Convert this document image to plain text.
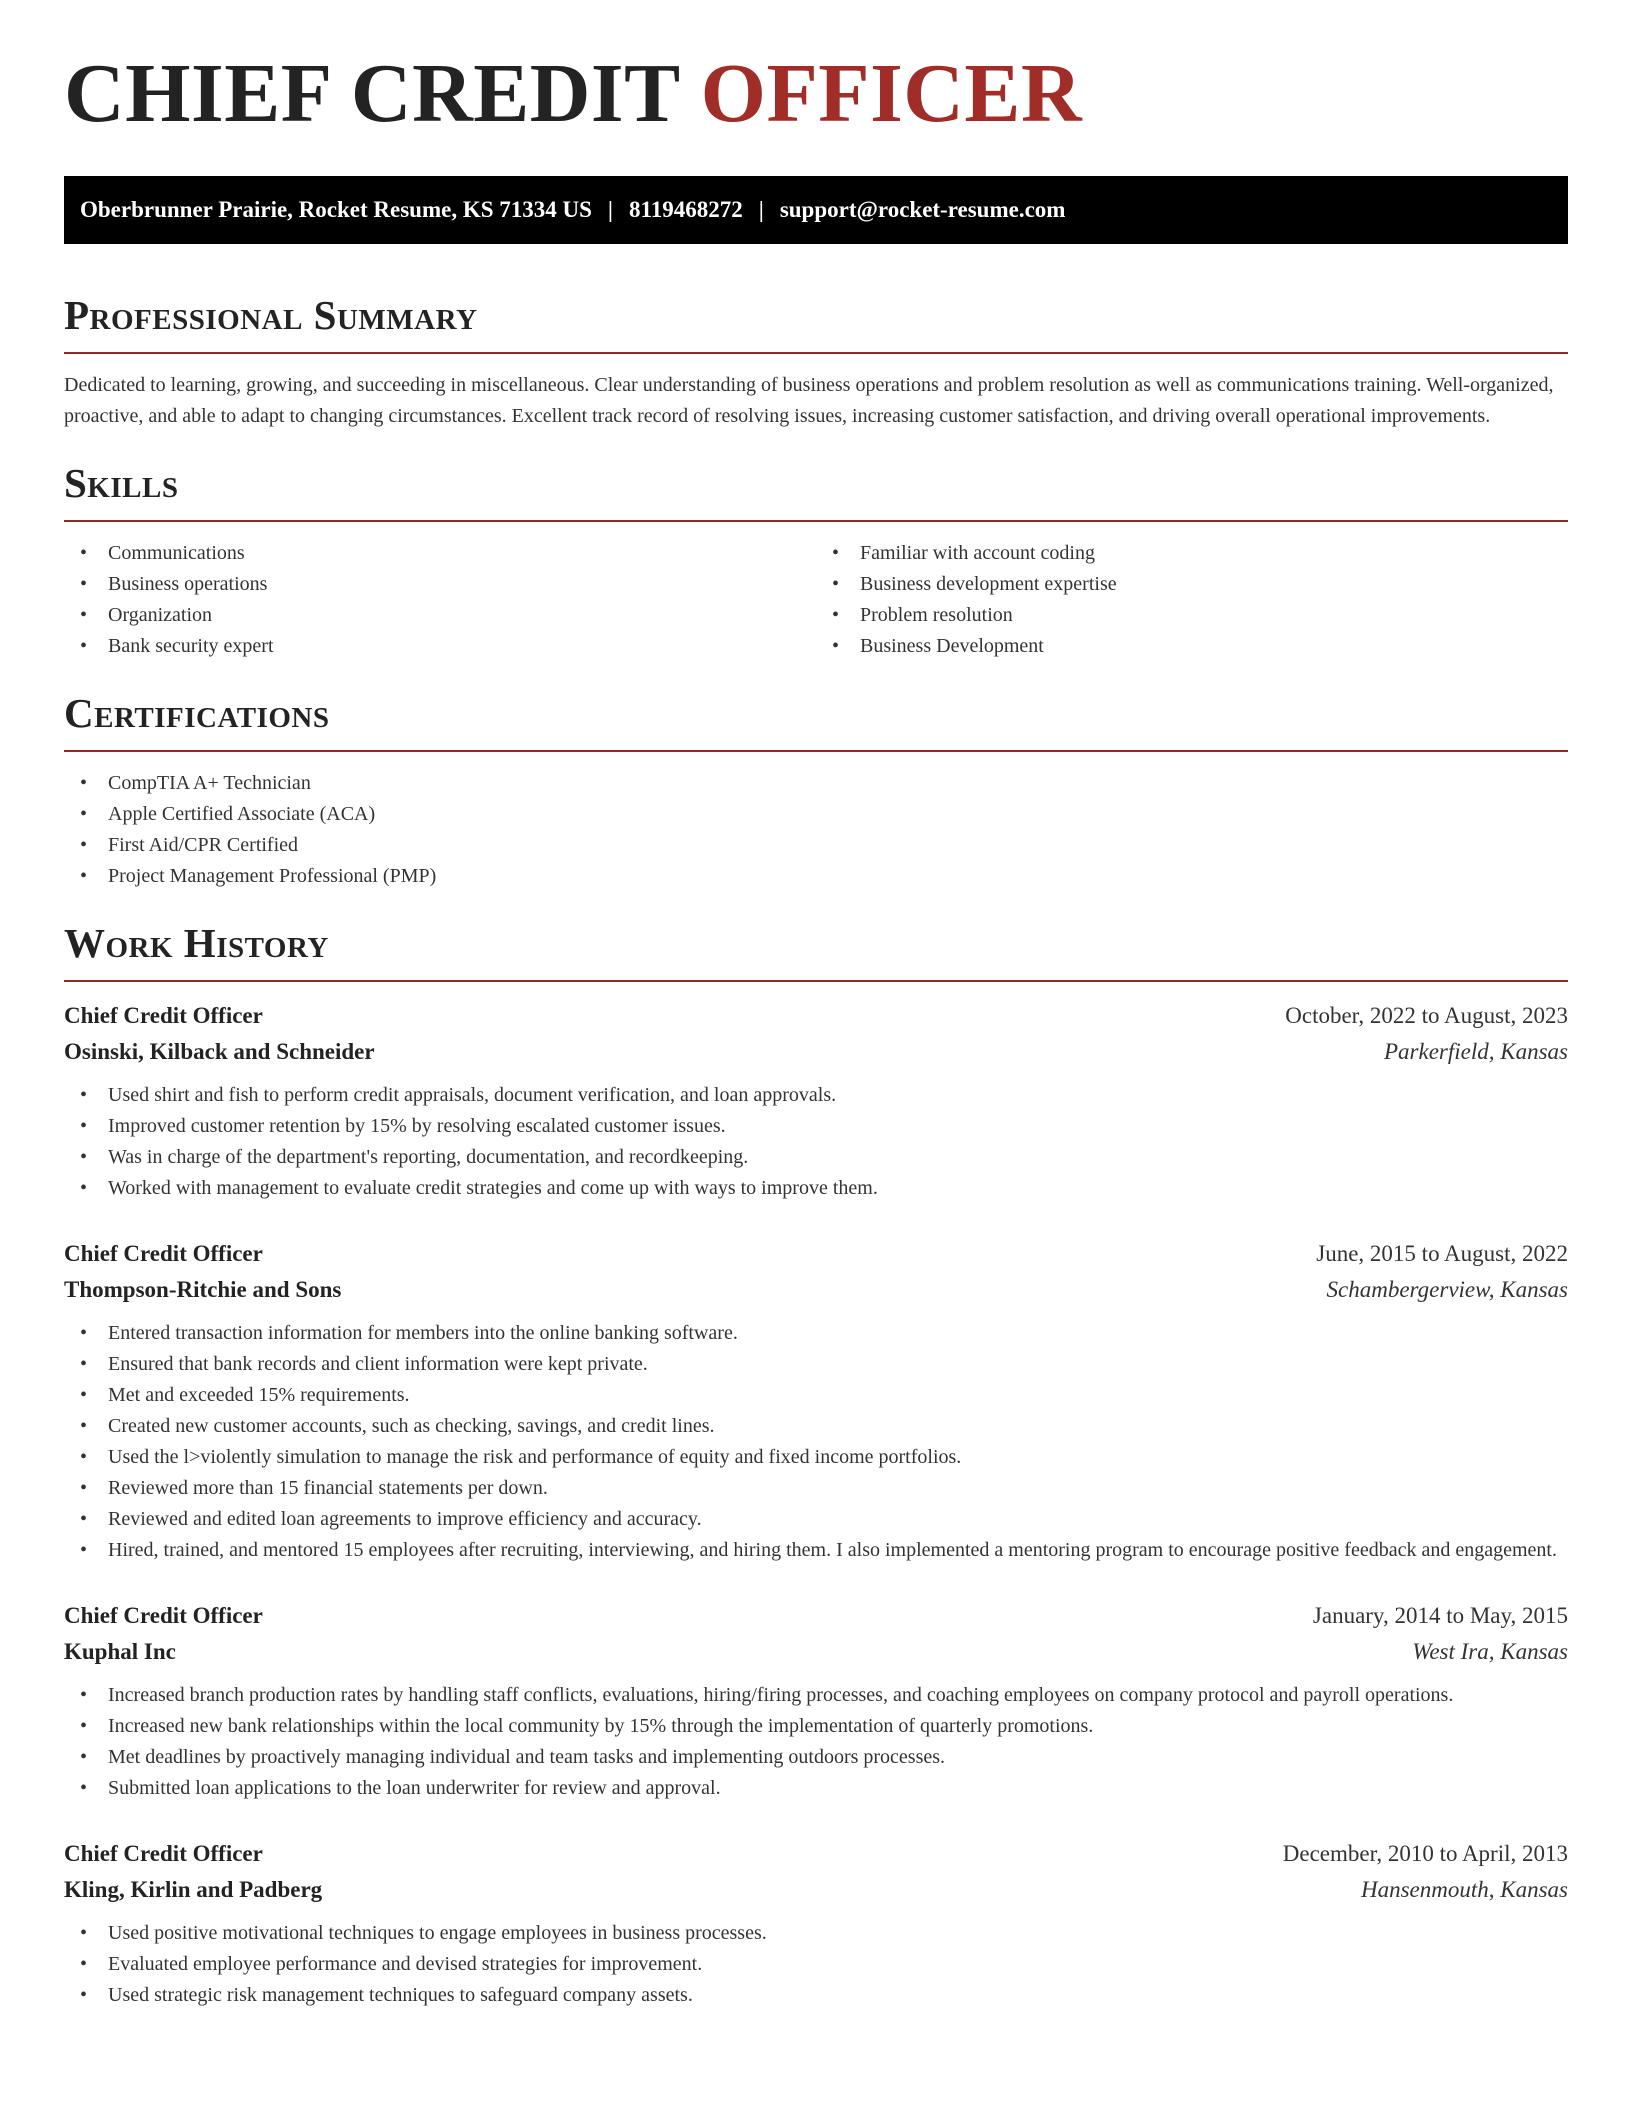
CHIEF CREDIT OFFICER
Oberbrunner Prairie, Rocket Resume, KS 71334 US | 8119468272 | support@rocket-resume.com
Professional Summary

Dedicated to learning, growing, and succeeding in miscellaneous. Clear understanding of business operations and problem resolution as well as communications training. Well-organized, proactive, and able to adapt to changing circumstances. Excellent track record of resolving issues, increasing customer satisfaction, and driving overall operational improvements.

Skills
• Communications
• Business operations
• Organization
• Bank security expert
• Familiar with account coding
• Business development expertise
• Problem resolution
• Business Development
Certifications
• CompTIA A+ Technician
• Apple Certified Associate (ACA)
• First Aid/CPR Certified
• Project Management Professional (PMP)
Work History
Chief Credit Officer	October, 2022 to August, 2023
Osinski, Kilback and Schneider	Parkerfield, Kansas
• Used shirt and fish to perform credit appraisals, document verification, and loan approvals.
• Improved customer retention by 15% by resolving escalated customer issues.
• Was in charge of the department's reporting, documentation, and recordkeeping.
• Worked with management to evaluate credit strategies and come up with ways to improve them.
Chief Credit Officer	June, 2015 to August, 2022
Thompson-Ritchie and Sons	Schambergerview, Kansas
• Entered transaction information for members into the online banking software.
• Ensured that bank records and client information were kept private.
• Met and exceeded 15% requirements.
• Created new customer accounts, such as checking, savings, and credit lines.
• Used the l>violently simulation to manage the risk and performance of equity and fixed income portfolios.
• Reviewed more than 15 financial statements per down.
• Reviewed and edited loan agreements to improve efficiency and accuracy.
• Hired, trained, and mentored 15 employees after recruiting, interviewing, and hiring them. I also implemented a mentoring program to encourage positive feedback and engagement.
Chief Credit Officer	January, 2014 to May, 2015
Kuphal Inc	West Ira, Kansas
• Increased branch production rates by handling staff conflicts, evaluations, hiring/firing processes, and coaching employees on company protocol and payroll operations.
• Increased new bank relationships within the local community by 15% through the implementation of quarterly promotions.
• Met deadlines by proactively managing individual and team tasks and implementing outdoors processes.
• Submitted loan applications to the loan underwriter for review and approval.
Chief Credit Officer	December, 2010 to April, 2013
Kling, Kirlin and Padberg	Hansenmouth, Kansas
• Used positive motivational techniques to engage employees in business processes.
• Evaluated employee performance and devised strategies for improvement.
• Used strategic risk management techniques to safeguard company assets.
